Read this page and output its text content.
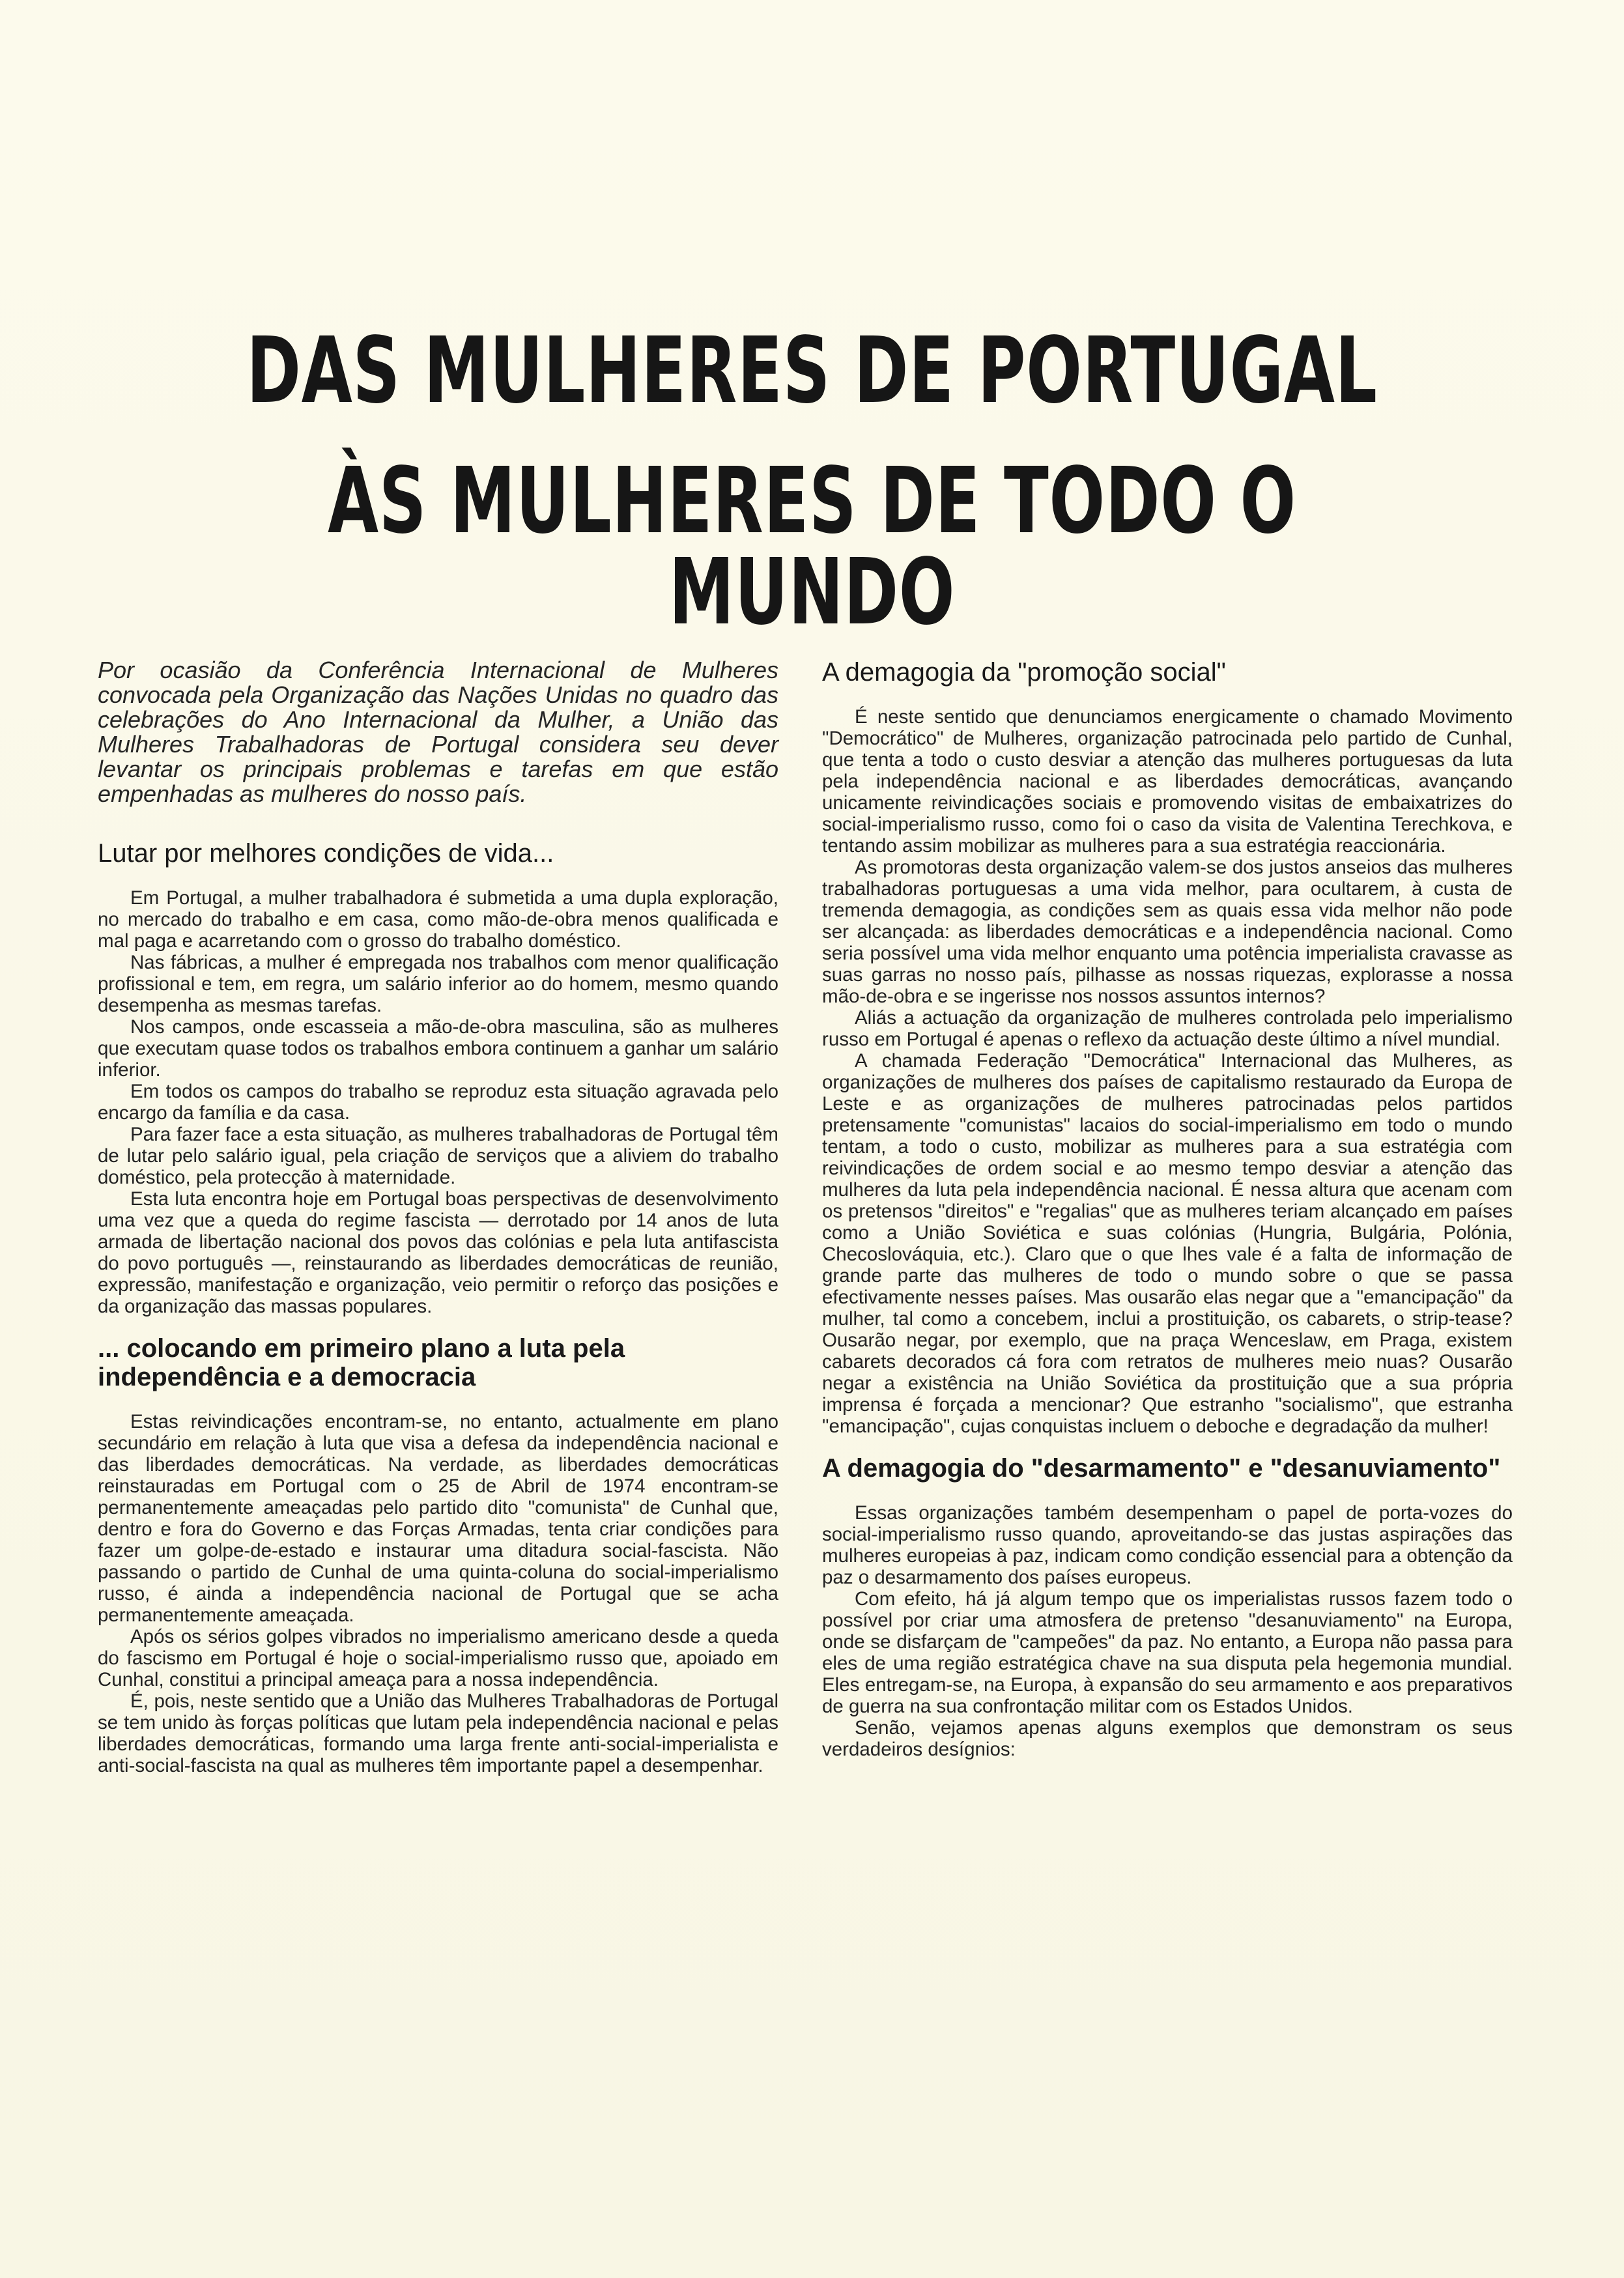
DAS MULHERES DE PORTUGAL
ÀS MULHERES DE TODO O MUNDO
Por ocasião da Conferência Internacional de Mulheres convocada pela Organização das Nações Unidas no quadro das celebrações do Ano Internacional da Mulher, a União das Mulheres Trabalhadoras de Portugal considera seu dever levantar os principais problemas e tarefas em que estão empenhadas as mulheres do nosso país.
Lutar por melhores condições de vida...

Em Portugal, a mulher trabalhadora é submetida a uma dupla exploração, no mercado do trabalho e em casa, como mão-de-obra menos qualificada e mal paga e acarretando com o grosso do trabalho doméstico.

Nas fábricas, a mulher é empregada nos trabalhos com menor qualificação profissional e tem, em regra, um salário inferior ao do homem, mesmo quando desempenha as mesmas tarefas.

Nos campos, onde escasseia a mão-de-obra masculina, são as mulheres que executam quase todos os trabalhos embora continuem a ganhar um salário inferior.

Em todos os campos do trabalho se reproduz esta situação agravada pelo encargo da família e da casa.

Para fazer face a esta situação, as mulheres trabalhadoras de Portugal têm de lutar pelo salário igual, pela criação de serviços que a aliviem do trabalho doméstico, pela protecção à maternidade.

Esta luta encontra hoje em Portugal boas perspectivas de desenvolvimento uma vez que a queda do regime fascista — derrotado por 14 anos de luta armada de libertação nacional dos povos das colónias e pela luta antifascista do povo português —, reinstaurando as liberdades democráticas de reunião, expressão, manifestação e organização, veio permitir o reforço das posições e da organização das massas populares.

... colocando em primeiro plano a luta pela independência e a democracia

Estas reivindicações encontram-se, no entanto, actualmente em plano secundário em relação à luta que visa a defesa da independência nacional e das liberdades democráticas. Na verdade, as liberdades democráticas reinstauradas em Portugal com o 25 de Abril de 1974 encontram-se permanentemente ameaçadas pelo partido dito "comunista" de Cunhal que, dentro e fora do Governo e das Forças Armadas, tenta criar condições para fazer um golpe-de-estado e instaurar uma ditadura social-fascista. Não passando o partido de Cunhal de uma quinta-coluna do social-imperialismo russo, é ainda a independência nacional de Portugal que se acha permanentemente ameaçada.

Após os sérios golpes vibrados no imperialismo americano desde a queda do fascismo em Portugal é hoje o social-imperialismo russo que, apoiado em Cunhal, constitui a principal ameaça para a nossa independência.

É, pois, neste sentido que a União das Mulheres Trabalhadoras de Portugal se tem unido às forças políticas que lutam pela independência nacional e pelas liberdades democráticas, formando uma larga frente anti-social-imperialista e anti-social-fascista na qual as mulheres têm importante papel a desempenhar.

A demagogia da "promoção social"

É neste sentido que denunciamos energicamente o chamado Movimento "Democrático" de Mulheres, organização patrocinada pelo partido de Cunhal, que tenta a todo o custo desviar a atenção das mulheres portuguesas da luta pela independência nacional e as liberdades democráticas, avançando unicamente reivindicações sociais e promovendo visitas de embaixatrizes do social-imperialismo russo, como foi o caso da visita de Valentina Terechkova, e tentando assim mobilizar as mulheres para a sua estratégia reaccionária.

As promotoras desta organização valem-se dos justos anseios das mulheres trabalhadoras portuguesas a uma vida melhor, para ocultarem, à custa de tremenda demagogia, as condições sem as quais essa vida melhor não pode ser alcançada: as liberdades democráticas e a independência nacional. Como seria possível uma vida melhor enquanto uma potência imperialista cravasse as suas garras no nosso país, pilhasse as nossas riquezas, explorasse a nossa mão-de-obra e se ingerisse nos nossos assuntos internos?

Aliás a actuação da organização de mulheres controlada pelo imperialismo russo em Portugal é apenas o reflexo da actuação deste último a nível mundial.

A chamada Federação "Democrática" Internacional das Mulheres, as organizações de mulheres dos países de capitalismo restaurado da Europa de Leste e as organizações de mulheres patrocinadas pelos partidos pretensamente "comunistas" lacaios do social-imperialismo em todo o mundo tentam, a todo o custo, mobilizar as mulheres para a sua estratégia com reivindicações de ordem social e ao mesmo tempo desviar a atenção das mulheres da luta pela independência nacional. É nessa altura que acenam com os pretensos "direitos" e "regalias" que as mulheres teriam alcançado em países como a União Soviética e suas colónias (Hungria, Bulgária, Polónia, Checoslováquia, etc.). Claro que o que lhes vale é a falta de informação de grande parte das mulheres de todo o mundo sobre o que se passa efectivamente nesses países. Mas ousarão elas negar que a "emancipação" da mulher, tal como a concebem, inclui a prostituição, os cabarets, o strip-tease? Ousarão negar, por exemplo, que na praça Wenceslaw, em Praga, existem cabarets decorados cá fora com retratos de mulheres meio nuas? Ousarão negar a existência na União Soviética da prostituição que a sua própria imprensa é forçada a mencionar? Que estranho "socialismo", que estranha "emancipação", cujas conquistas incluem o deboche e degradação da mulher!

A demagogia do "desarmamento" e "desanuviamento"

Essas organizações também desempenham o papel de porta-vozes do social-imperialismo russo quando, aproveitando-se das justas aspirações das mulheres europeias à paz, indicam como condição essencial para a obtenção da paz o desarmamento dos países europeus.

Com efeito, há já algum tempo que os imperialistas russos fazem todo o possível por criar uma atmosfera de pretenso "desanuviamento" na Europa, onde se disfarçam de "campeões" da paz. No entanto, a Europa não passa para eles de uma região estratégica chave na sua disputa pela hegemonia mundial. Eles entregam-se, na Europa, à expansão do seu armamento e aos preparativos de guerra na sua confrontação militar com os Estados Unidos.

Senão, vejamos apenas alguns exemplos que demonstram os seus verdadeiros desígnios:
